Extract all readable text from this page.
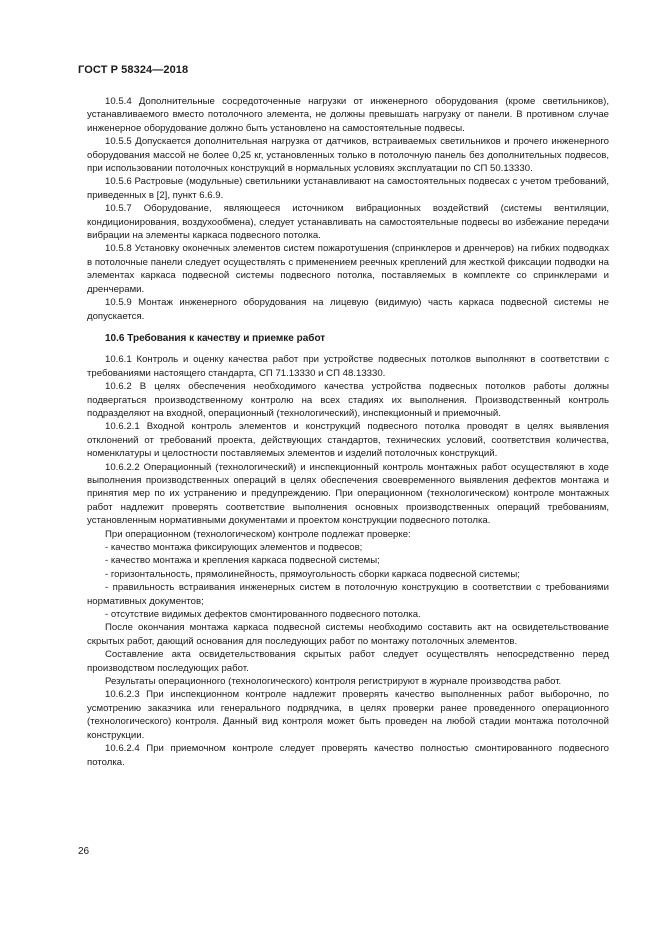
ГОСТ Р 58324—2018

10.5.4 Дополнительные сосредоточенные нагрузки от инженерного оборудования (кроме светильников), устанавливаемого вместо потолочного элемента, не должны превышать нагрузку от панели. В противном случае инженерное оборудование должно быть установлено на самостоятельные подвесы.

10.5.5 Допускается дополнительная нагрузка от датчиков, встраиваемых светильников и прочего инженерного оборудования массой не более 0,25 кг, установленных только в потолочную панель без дополнительных подвесов, при использовании потолочных конструкций в нормальных условиях эксплуатации по СП 50.13330.

10.5.6 Растровые (модульные) светильники устанавливают на самостоятельных подвесах с учетом требований, приведенных в [2], пункт 6.6.9.

10.5.7 Оборудование, являющееся источником вибрационных воздействий (системы вентиляции, кондиционирования, воздухообмена), следует устанавливать на самостоятельные подвесы во избежание передачи вибрации на элементы каркаса подвесного потолка.

10.5.8 Установку оконечных элементов систем пожаротушения (спринклеров и дренчеров) на гибких подводках в потолочные панели следует осуществлять с применением реечных креплений для жесткой фиксации подводки на элементах каркаса подвесной системы подвесного потолка, поставляемых в комплекте со спринклерами и дренчерами.

10.5.9 Монтаж инженерного оборудования на лицевую (видимую) часть каркаса подвесной системы не допускается.

10.6 Требования к качеству и приемке работ

10.6.1 Контроль и оценку качества работ при устройстве подвесных потолков выполняют в соответствии с требованиями настоящего стандарта, СП 71.13330 и СП 48.13330.

10.6.2 В целях обеспечения необходимого качества устройства подвесных потолков работы должны подвергаться производственному контролю на всех стадиях их выполнения. Производственный контроль подразделяют на входной, операционный (технологический), инспекционный и приемочный.

10.6.2.1 Входной контроль элементов и конструкций подвесного потолка проводят в целях выявления отклонений от требований проекта, действующих стандартов, технических условий, соответствия количества, номенклатуры и целостности поставляемых элементов и изделий потолочных конструкций.

10.6.2.2 Операционный (технологический) и инспекционный контроль монтажных работ осуществляют в ходе выполнения производственных операций в целях обеспечения своевременного выявления дефектов монтажа и принятия мер по их устранению и предупреждению. При операционном (технологическом) контроле монтажных работ надлежит проверять соответствие выполнения основных производственных операций требованиям, установленным нормативными документами и проектом конструкции подвесного потолка.

При операционном (технологическом) контроле подлежат проверке:

- качество монтажа фиксирующих элементов и подвесов;

- качество монтажа и крепления каркаса подвесной системы;

- горизонтальность, прямолинейность, прямоугольность сборки каркаса подвесной системы;

- правильность встраивания инженерных систем в потолочную конструкцию в соответствии с требованиями нормативных документов;

- отсутствие видимых дефектов смонтированного подвесного потолка.

После окончания монтажа каркаса подвесной системы необходимо составить акт на освидетельствование скрытых работ, дающий основания для последующих работ по монтажу потолочных элементов.

Составление акта освидетельствования скрытых работ следует осуществлять непосредственно перед производством последующих работ.

Результаты операционного (технологического) контроля регистрируют в журнале производства работ.

10.6.2.3 При инспекционном контроле надлежит проверять качество выполненных работ выборочно, по усмотрению заказчика или генерального подрядчика, в целях проверки ранее проведенного операционного (технологического) контроля. Данный вид контроля может быть проведен на любой стадии монтажа потолочной конструкции.

10.6.2.4 При приемочном контроле следует проверять качество полностью смонтированного подвесного потолка.

26
